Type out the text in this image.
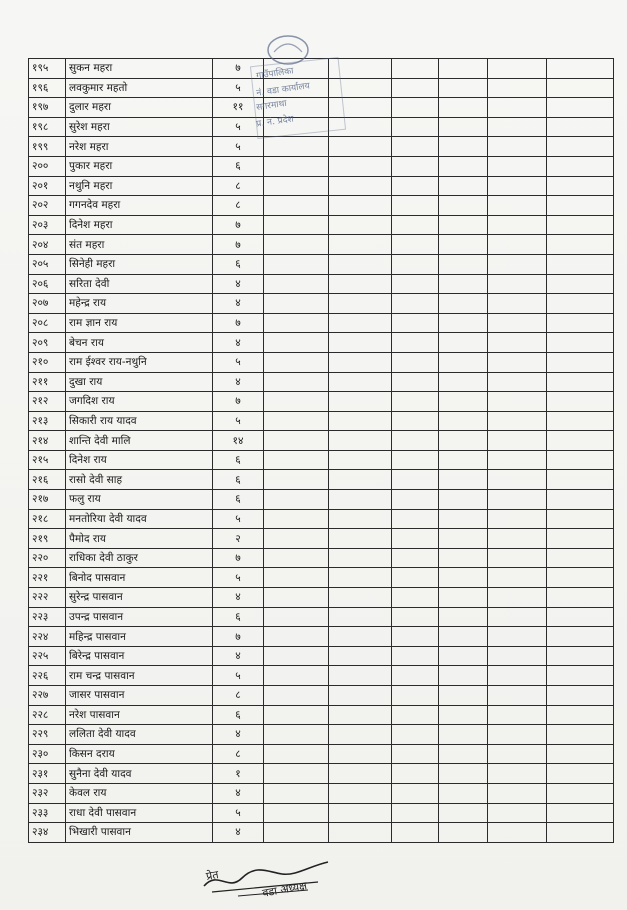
१९५	सुकन महरा	७						
१९६	लवकुमार महतो	५						
१९७	दुलार महरा	११						
१९८	सुरेश महरा	५						
१९९	नरेश महरा	५						
२००	पुकार महरा	६						
२०१	नथुनि महरा	८						
२०२	गगनदेव महरा	८						
२०३	दिनेश महरा	७						
२०४	संत महरा	७						
२०५	सिनेही महरा	६						
२०६	सरिता देवी	४						
२०७	महेन्द्र राय	४						
२०८	राम ज्ञान राय	७						
२०९	बेचन राय	४						
२१०	राम ईश्वर राय-नथुनि	५						
२११	दुखा राय	४						
२१२	जगदिश राय	७						
२१३	सिकारी राय यादव	५						
२१४	शान्ति देवी मालि	१४						
२१५	दिनेश राय	६						
२१६	रासो देवी साह	६						
२१७	फलु राय	६						
२१८	मनतोरिया देवी यादव	५						
२१९	पैमोद राय	२						
२२०	राधिका देवी ठाकुर	७						
२२१	बिनोद पासवान	५						
२२२	सुरेन्द्र पासवान	४						
२२३	उपन्द्र पासवान	६						
२२४	महिन्द्र पासवान	७						
२२५	बिरेन्द्र पासवान	४						
२२६	राम चन्द्र पासवान	५						
२२७	जासर पासवान	८						
२२८	नरेश पासवान	६						
२२९	ललिता देवी यादव	४						
२३०	किसन दराय	८						
२३१	सुनैना देवी यादव	१						
२३२	केवल राय	४						
२३३	राधा देवी पासवान	५						
२३४	भिखारी पासवान	४						
गाउँपालिका
नं. वडा कार्यालय
सगरमाथा
प्र. नं. प्रदेश
प्रेत
वडा अध्यक्ष
